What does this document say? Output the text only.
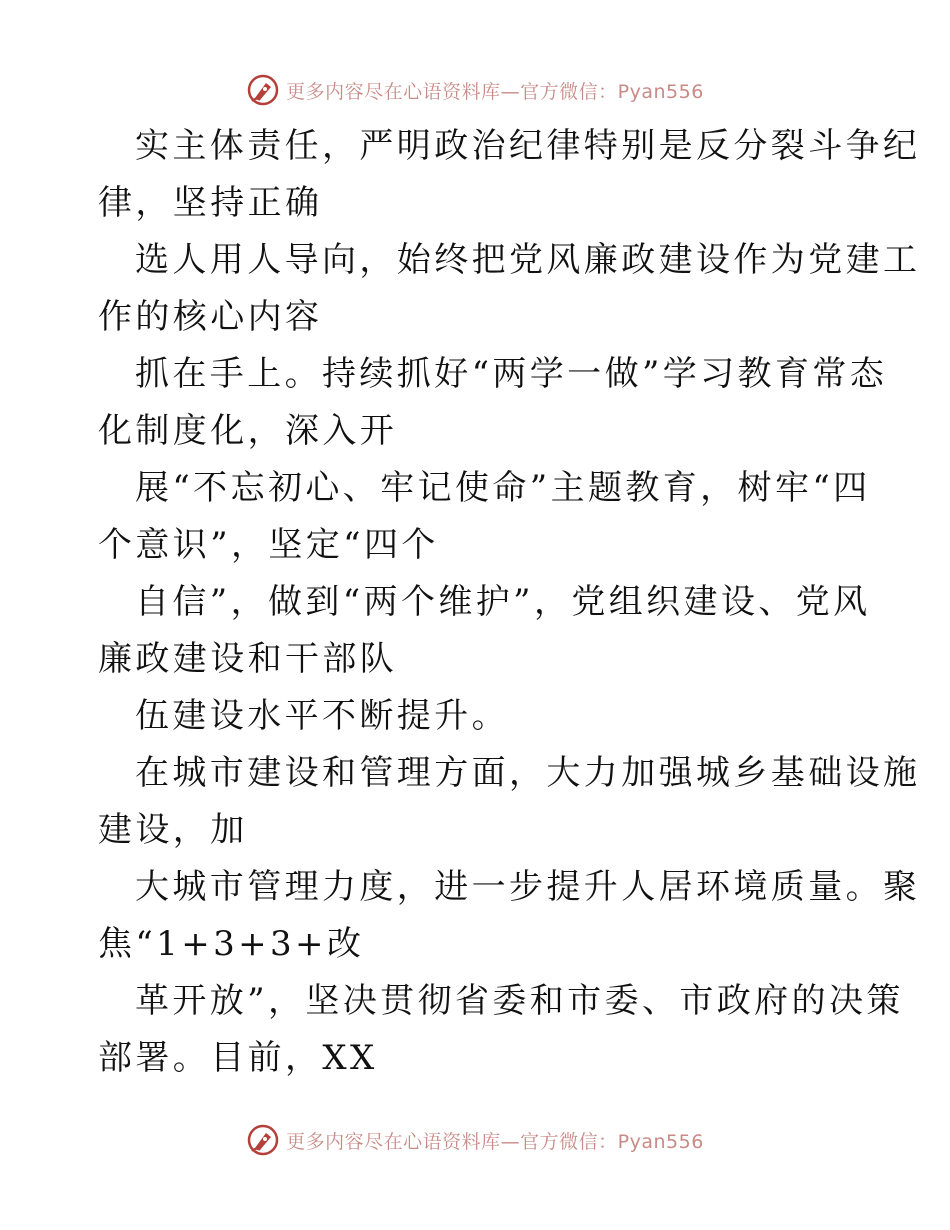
更多内容尽在心语资料库—官方微信：Pyan556
实主体责任，严明政治纪律特别是反分裂斗争纪
律，坚持正确
选人用人导向，始终把党风廉政建设作为党建工
作的核心内容
抓在手上。持续抓好“两学一做”学习教育常态
化制度化，深入开
展“不忘初心、牢记使命”主题教育，树牢“四
个意识”，坚定“四个
自信”，做到“两个维护”，党组织建设、党风
廉政建设和干部队
伍建设水平不断提升。
在城市建设和管理方面，大力加强城乡基础设施
建设，加
大城市管理力度，进一步提升人居环境质量。聚
焦“1+3+3+改
革开放”，坚决贯彻省委和市委、市政府的决策
部署。目前，XX
更多内容尽在心语资料库—官方微信：Pyan556
